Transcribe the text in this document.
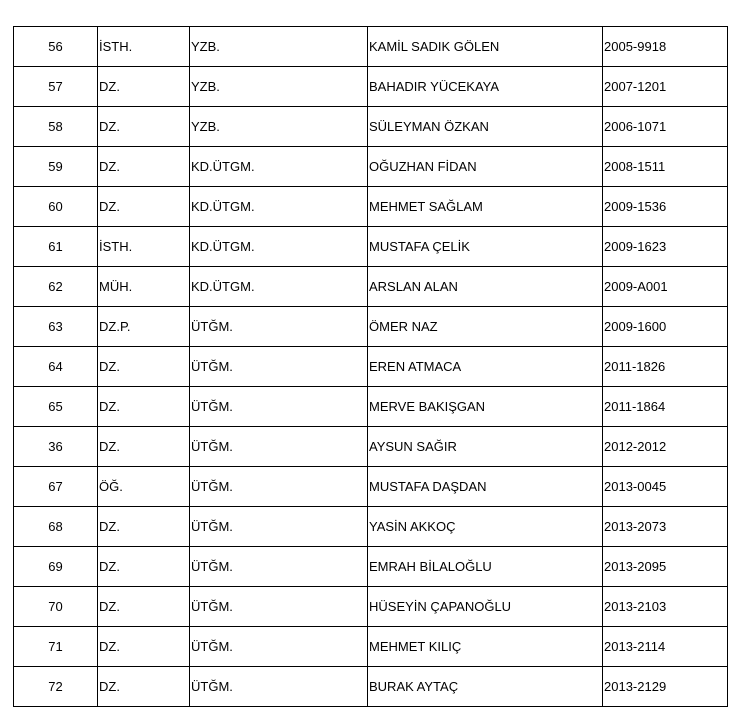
56	İSTH.	YZB.	KAMİL SADIK GÖLEN	2005-9918
57	DZ.	YZB.	BAHADIR YÜCEKAYA	2007-1201
58	DZ.	YZB.	SÜLEYMAN ÖZKAN	2006-1071
59	DZ.	KD.ÜTGM.	OĞUZHAN FİDAN	2008-1511
60	DZ.	KD.ÜTGM.	MEHMET SAĞLAM	2009-1536
61	İSTH.	KD.ÜTGM.	MUSTAFA ÇELİK	2009-1623
62	MÜH.	KD.ÜTGM.	ARSLAN ALAN	2009-A001
63	DZ.P.	ÜTĞM.	ÖMER NAZ	2009-1600
64	DZ.	ÜTĞM.	EREN ATMACA	2011-1826
65	DZ.	ÜTĞM.	MERVE BAKIŞGAN	2011-1864
36	DZ.	ÜTĞM.	AYSUN SAĞIR	2012-2012
67	ÖĞ.	ÜTĞM.	MUSTAFA DAŞDAN	2013-0045
68	DZ.	ÜTĞM.	YASİN AKKOÇ	2013-2073
69	DZ.	ÜTĞM.	EMRAH BİLALOĞLU	2013-2095
70	DZ.	ÜTĞM.	HÜSEYİN ÇAPANOĞLU	2013-2103
71	DZ.	ÜTĞM.	MEHMET KILIÇ	2013-2114
72	DZ.	ÜTĞM.	BURAK AYTAÇ	2013-2129
